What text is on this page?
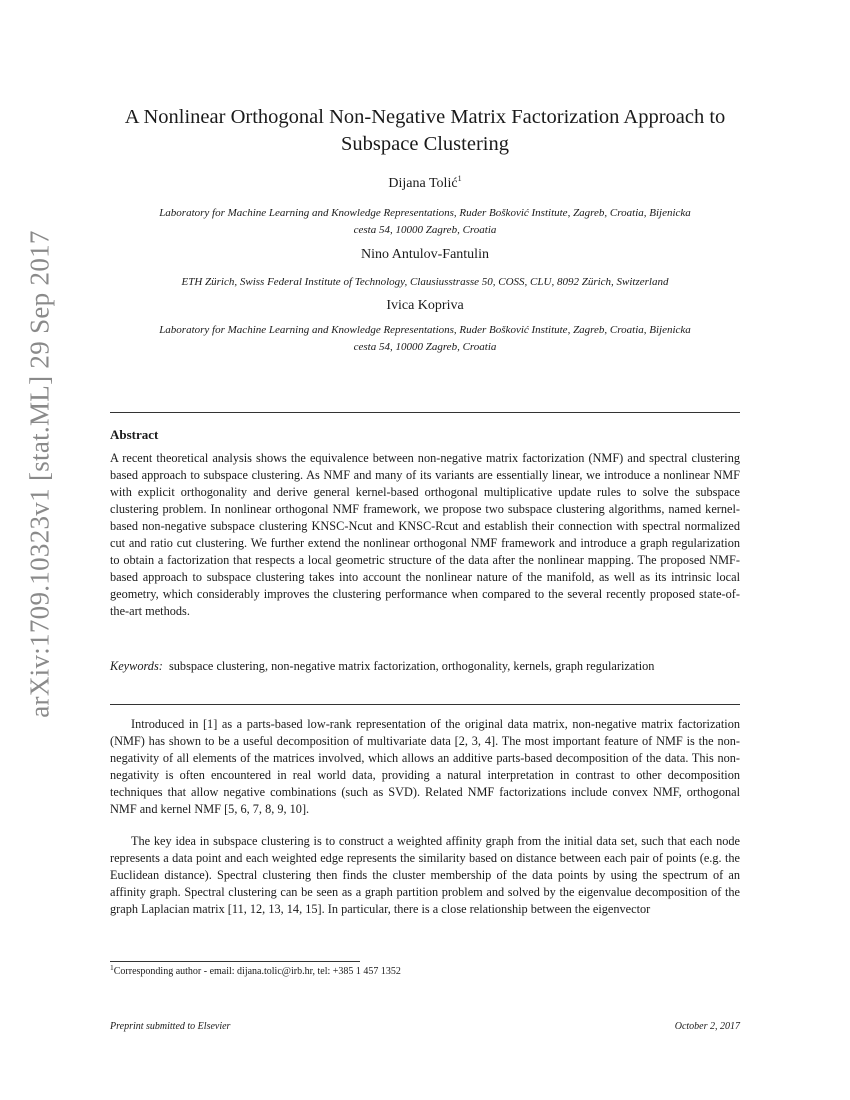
arXiv:1709.10323v1 [stat.ML] 29 Sep 2017
A Nonlinear Orthogonal Non-Negative Matrix Factorization Approach to Subspace Clustering
Dijana Tolić$^1$
Laboratory for Machine Learning and Knowledge Representations, Ruder Bošković Institute, Zagreb, Croatia, Bijenicka
cesta 54, 10000 Zagreb, Croatia
Nino Antulov-Fantulin
ETH Zürich, Swiss Federal Institute of Technology, Clausiusstrasse 50, COSS, CLU, 8092 Zürich, Switzerland
Ivica Kopriva
Laboratory for Machine Learning and Knowledge Representations, Ruder Bošković Institute, Zagreb, Croatia, Bijenicka
cesta 54, 10000 Zagreb, Croatia
Abstract
A recent theoretical analysis shows the equivalence between non-negative matrix factorization (NMF) and spectral clustering based approach to subspace clustering. As NMF and many of its variants are essentially linear, we introduce a nonlinear NMF with explicit orthogonality and derive general kernel-based orthogonal multiplicative update rules to solve the subspace clustering problem. In nonlinear orthogonal NMF framework, we propose two subspace clustering algorithms, named kernel-based non-negative subspace clustering KNSC-Ncut and KNSC-Rcut and establish their connection with spectral normalized cut and ratio cut clustering. We further extend the nonlinear orthogonal NMF framework and introduce a graph regularization to obtain a factorization that respects a local geometric structure of the data after the nonlinear mapping. The proposed NMF-based approach to subspace clustering takes into account the nonlinear nature of the manifold, as well as its intrinsic local geometry, which considerably improves the clustering performance when compared to the several recently proposed state-of-the-art methods.
Keywords: subspace clustering, non-negative matrix factorization, orthogonality, kernels, graph regularization
Introduced in [1] as a parts-based low-rank representation of the original data matrix, non-negative matrix factorization (NMF) has shown to be a useful decomposition of multivariate data [2, 3, 4]. The most important feature of NMF is the non-negativity of all elements of the matrices involved, which allows an additive parts-based decomposition of the data. This non-negativity is often encountered in real world data, providing a natural interpretation in contrast to other decomposition techniques that allow negative combinations (such as SVD). Related NMF factorizations include convex NMF, orthogonal NMF and kernel NMF [5, 6, 7, 8, 9, 10].
The key idea in subspace clustering is to construct a weighted affinity graph from the initial data set, such that each node represents a data point and each weighted edge represents the similarity based on distance between each pair of points (e.g. the Euclidean distance). Spectral clustering then finds the cluster membership of the data points by using the spectrum of an affinity graph. Spectral clustering can be seen as a graph partition problem and solved by the eigenvalue decomposition of the graph Laplacian matrix [11, 12, 13, 14, 15]. In particular, there is a close relationship between the eigenvector
$^1$Corresponding author - email: dijana.tolic@irb.hr, tel: +385 1 457 1352
Preprint submitted to Elsevier	October 2, 2017
